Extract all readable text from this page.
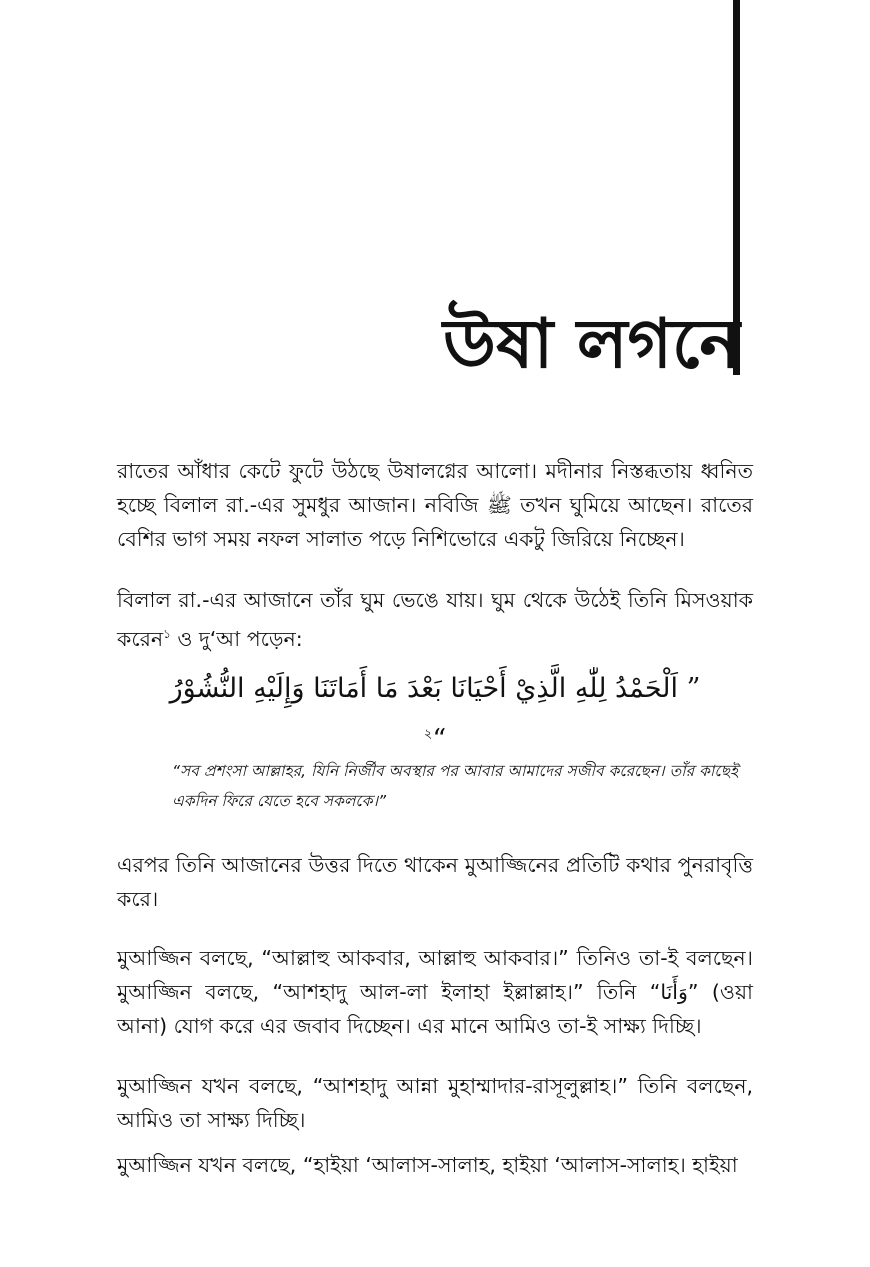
উষা লগনে

রাতের আঁধার কেটে ফুটে উঠছে উষালগ্নের আলো। মদীনার নিস্তব্ধতায় ধ্বনিত হচ্ছে বিলাল রা.-এর সুমধুর আজান। নবিজি ﷺ তখন ঘুমিয়ে আছেন। রাতের বেশির ভাগ সময় নফল সালাত পড়ে নিশিভোরে একটু জিরিয়ে নিচ্ছেন।

বিলাল রা.-এর আজানে তাঁর ঘুম ভেঙে যায়। ঘুম থেকে উঠেই তিনি মিসওয়াক করেন$^১$ ও দু‘আ পড়েন:

” اَلْحَمْدُ لِلّٰهِ الَّذِيْ أَحْيَانَا بَعْدَ مَا أَمَاتَنَا وَإِلَيْهِ النُّشُوْرُ “$^২$

“সব প্রশংসা আল্লাহর, যিনি নির্জীব অবস্থার পর আবার আমাদের সজীব করেছেন। তাঁর কাছেই একদিন ফিরে যেতে হবে সকলকে।”

এরপর তিনি আজানের উত্তর দিতে থাকেন মুআজ্জিনের প্রতিটি কথার পুনরাবৃত্তি করে।

মুআজ্জিন বলছে, “আল্লাহু আকবার, আল্লাহু আকবার।” তিনিও তা-ই বলছেন। মুআজ্জিন বলছে, “আশহাদু আল-লা ইলাহা ইল্লাল্লাহ।” তিনি “وَأَنَا” (ওয়া আনা) যোগ করে এর জবাব দিচ্ছেন। এর মানে আমিও তা-ই সাক্ষ্য দিচ্ছি।

মুআজ্জিন যখন বলছে, “আশহাদু আন্না মুহাম্মাদার-রাসূলুল্লাহ।” তিনি বলছেন, আমিও তা সাক্ষ্য দিচ্ছি।

মুআজ্জিন যখন বলছে, “হাইয়া ‘আলাস-সালাহ, হাইয়া ‘আলাস-সালাহ। হাইয়া
